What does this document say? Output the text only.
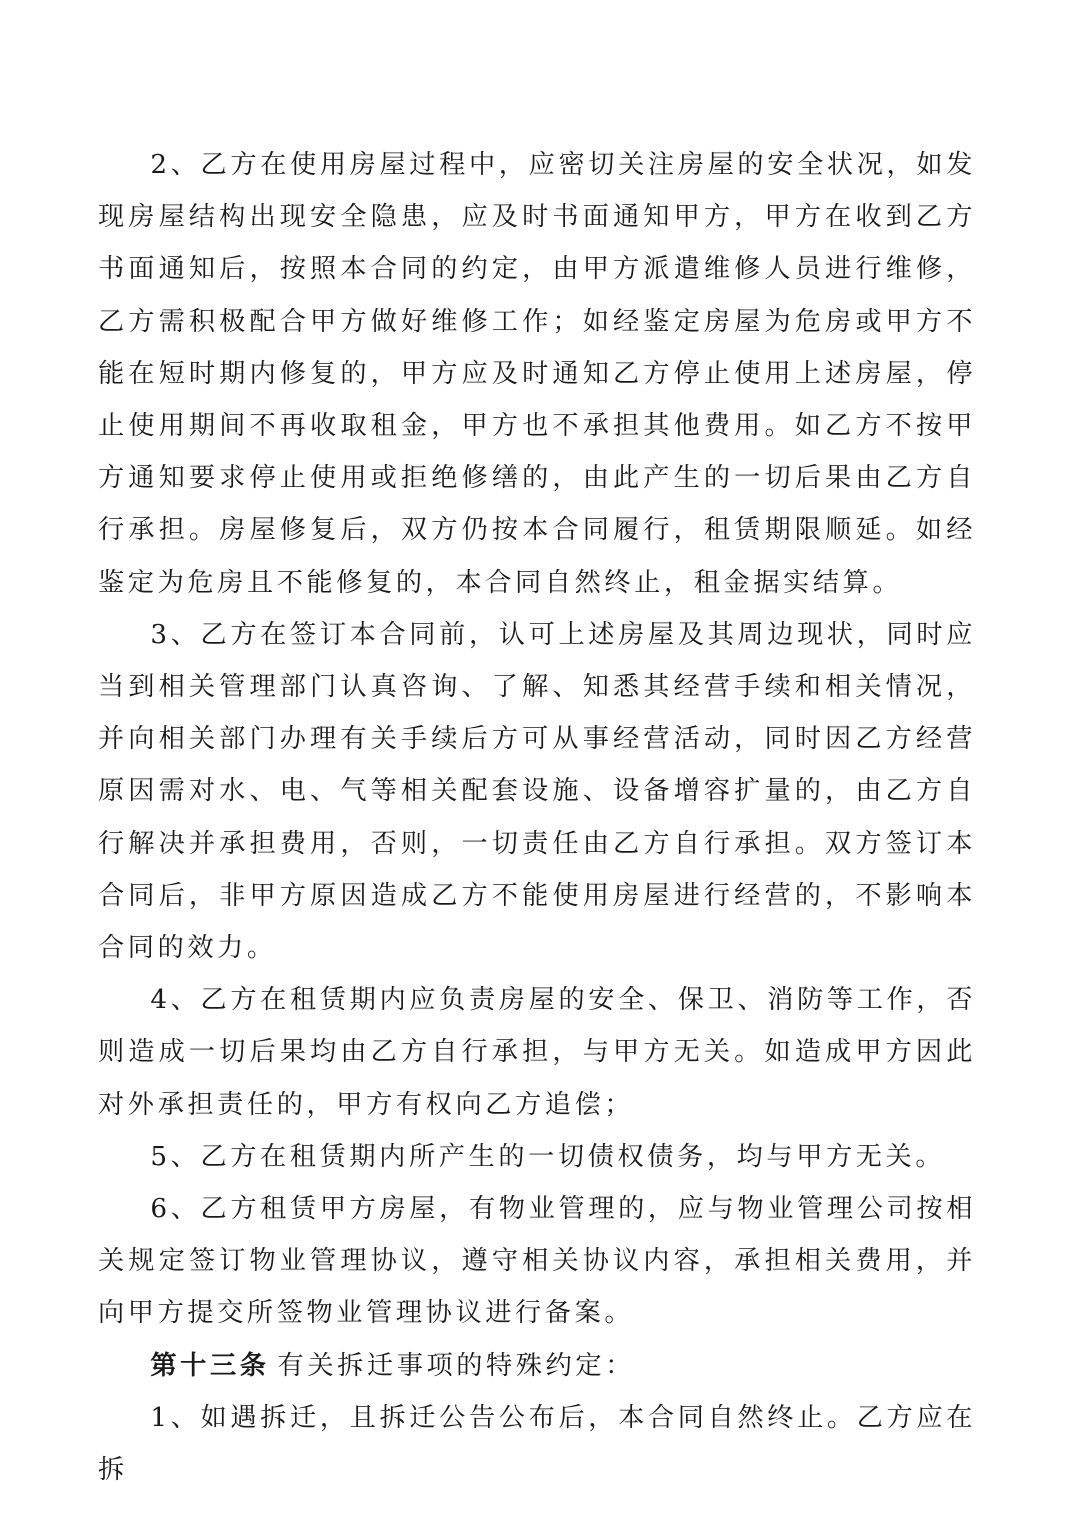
2、乙方在使用房屋过程中，应密切关注房屋的安全状况，如发现房屋结构出现安全隐患，应及时书面通知甲方，甲方在收到乙方书面通知后，按照本合同的约定，由甲方派遣维修人员进行维修，乙方需积极配合甲方做好维修工作；如经鉴定房屋为危房或甲方不能在短时期内修复的，甲方应及时通知乙方停止使用上述房屋，停止使用期间不再收取租金，甲方也不承担其他费用。如乙方不按甲方通知要求停止使用或拒绝修缮的，由此产生的一切后果由乙方自行承担。房屋修复后，双方仍按本合同履行，租赁期限顺延。如经鉴定为危房且不能修复的，本合同自然终止，租金据实结算。

3、乙方在签订本合同前，认可上述房屋及其周边现状，同时应当到相关管理部门认真咨询、了解、知悉其经营手续和相关情况，并向相关部门办理有关手续后方可从事经营活动，同时因乙方经营原因需对水、电、气等相关配套设施、设备增容扩量的，由乙方自行解决并承担费用，否则，一切责任由乙方自行承担。双方签订本合同后，非甲方原因造成乙方不能使用房屋进行经营的，不影响本合同的效力。

4、乙方在租赁期内应负责房屋的安全、保卫、消防等工作，否则造成一切后果均由乙方自行承担，与甲方无关。如造成甲方因此对外承担责任的，甲方有权向乙方追偿；

5、乙方在租赁期内所产生的一切债权债务，均与甲方无关。

6、乙方租赁甲方房屋，有物业管理的，应与物业管理公司按相关规定签订物业管理协议，遵守相关协议内容，承担相关费用，并向甲方提交所签物业管理协议进行备案。

第十三条 有关拆迁事项的特殊约定：

1、如遇拆迁，且拆迁公告公布后，本合同自然终止。乙方应在拆
